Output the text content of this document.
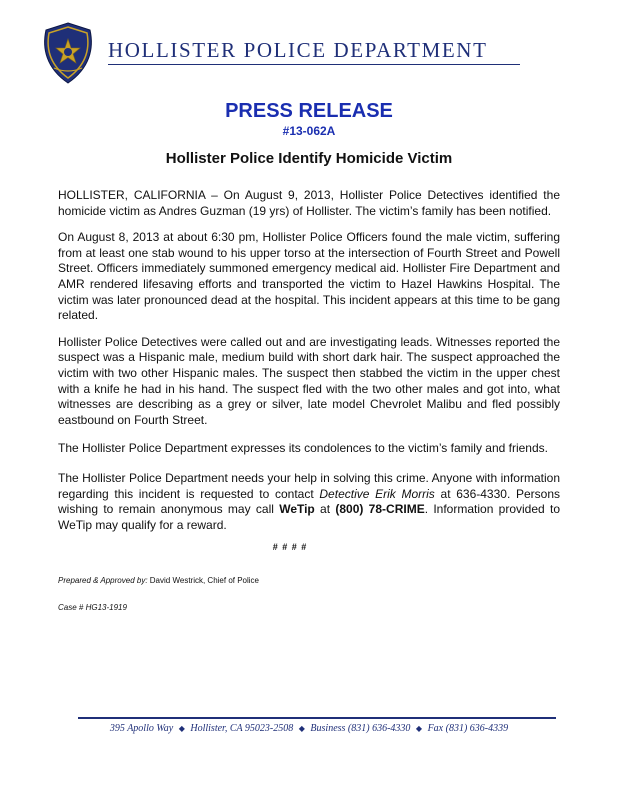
HOLLISTER POLICE DEPARTMENT
PRESS RELEASE
#13-062A
Hollister Police Identify Homicide Victim

HOLLISTER, CALIFORNIA – On August 9, 2013, Hollister Police Detectives identified the homicide victim as Andres Guzman (19 yrs) of Hollister. The victim’s family has been notified.

On August 8, 2013 at about 6:30 pm, Hollister Police Officers found the male victim, suffering from at least one stab wound to his upper torso at the intersection of Fourth Street and Powell Street. Officers immediately summoned emergency medical aid. Hollister Fire Department and AMR rendered lifesaving efforts and transported the victim to Hazel Hawkins Hospital. The victim was later pronounced dead at the hospital. This incident appears at this time to be gang related.

Hollister Police Detectives were called out and are investigating leads. Witnesses reported the suspect was a Hispanic male, medium build with short dark hair. The suspect approached the victim with two other Hispanic males. The suspect then stabbed the victim in the upper chest with a knife he had in his hand. The suspect fled with the two other males and got into, what witnesses are describing as a grey or silver, late model Chevrolet Malibu and fled possibly eastbound on Fourth Street.

The Hollister Police Department expresses its condolences to the victim’s family and friends.

The Hollister Police Department needs your help in solving this crime. Anyone with information regarding this incident is requested to contact Detective Erik Morris at 636-4330. Persons wishing to remain anonymous may call WeTip at (800) 78-CRIME. Information provided to WeTip may qualify for a reward.

# # # #
Prepared & Approved by: David Westrick, Chief of Police
Case # HG13-1919
395 Apollo Way ◆ Hollister, CA 95023-2508 ◆ Business (831) 636-4330 ◆ Fax (831) 636-4339
